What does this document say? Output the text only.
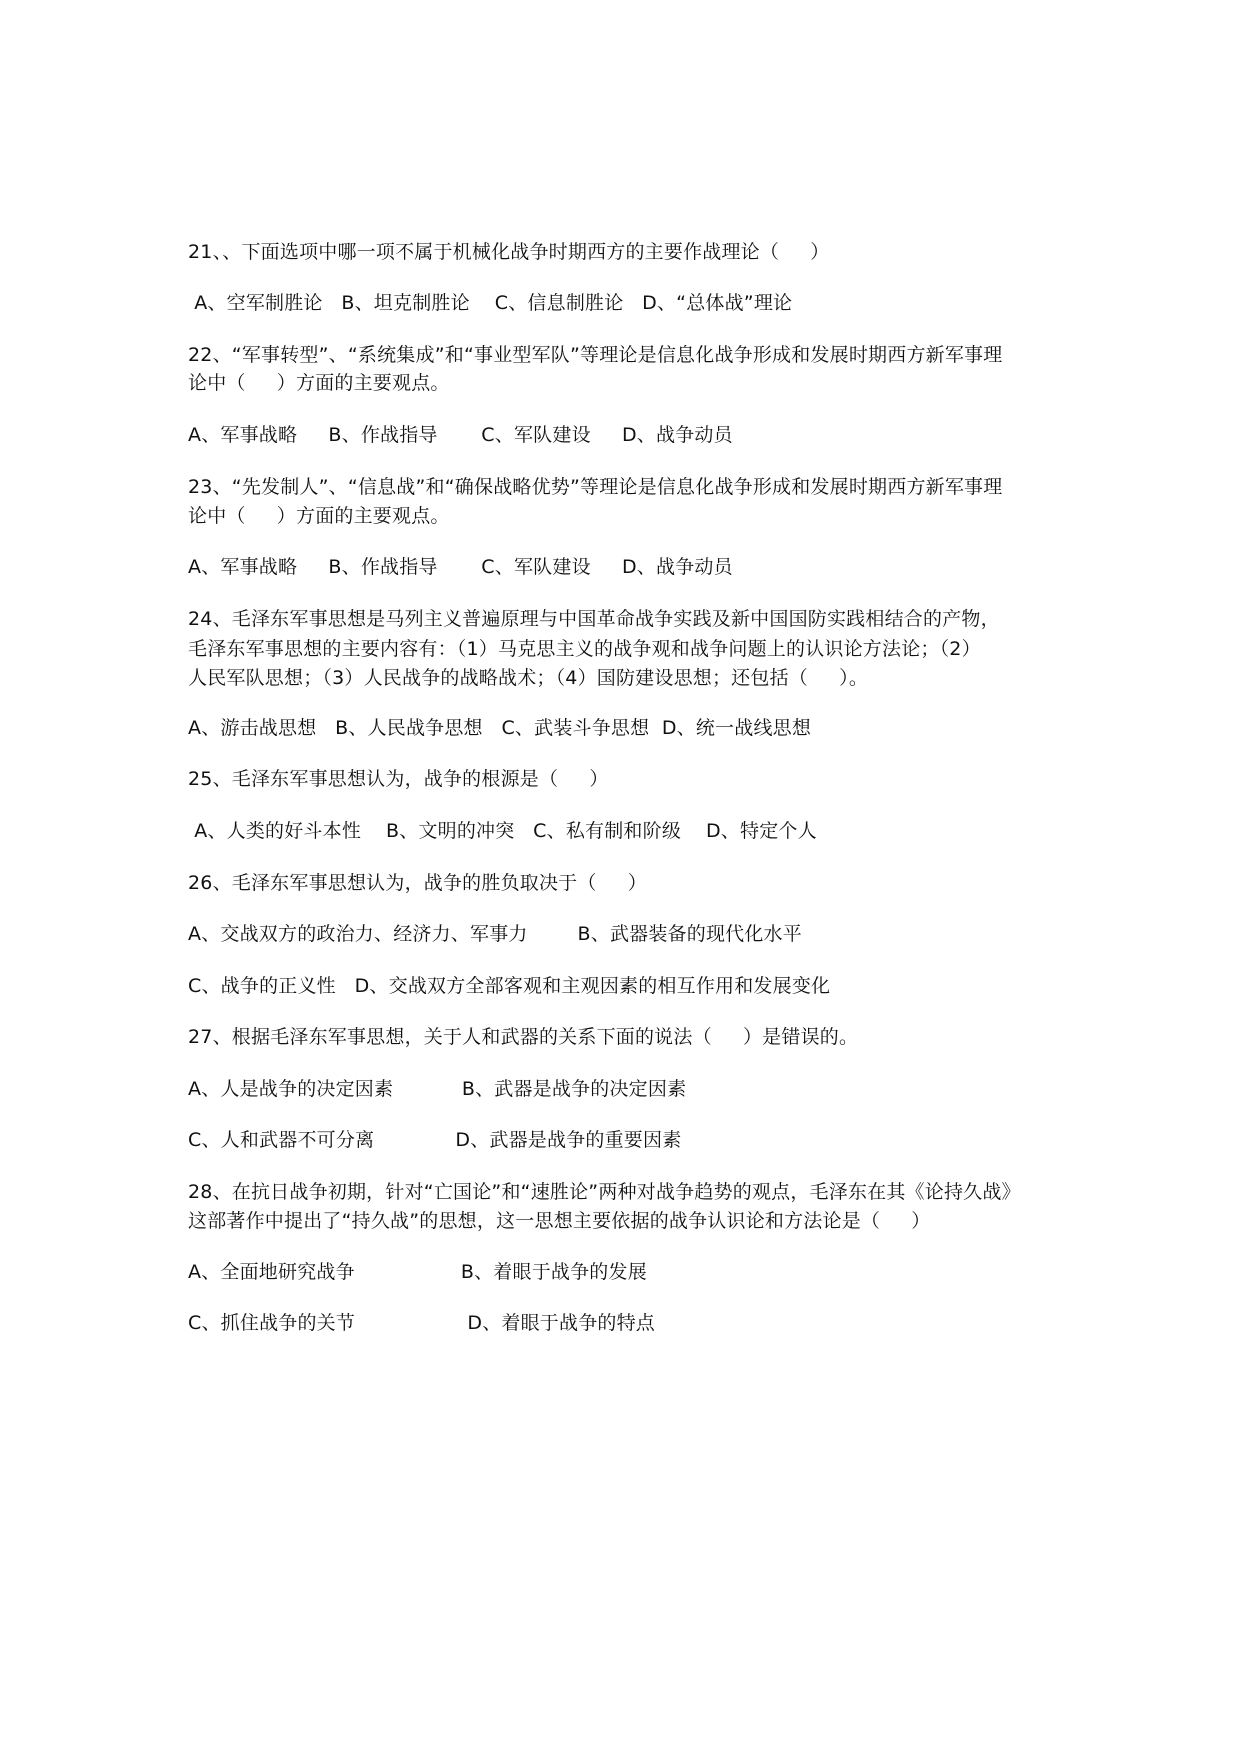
21、、下面选项中哪一项不属于机械化战争时期西方的主要作战理论（     ）

A、空军制胜论   B、坦克制胜论    C、信息制胜论   D、“总体战”理论

22、“军事转型”、“系统集成”和“事业型军队”等理论是信息化战争形成和发展时期西方新军事理

论中（     ）方面的主要观点。

A、军事战略     B、作战指导       C、军队建设     D、战争动员

23、“先发制人”、“信息战”和“确保战略优势”等理论是信息化战争形成和发展时期西方新军事理

论中（     ）方面的主要观点。

A、军事战略     B、作战指导       C、军队建设     D、战争动员

24、毛泽东军事思想是马列主义普遍原理与中国革命战争实践及新中国国防实践相结合的产物，

毛泽东军事思想的主要内容有：（1）马克思主义的战争观和战争问题上的认识论方法论；（2）

人民军队思想；（3）人民战争的战略战术；（4）国防建设思想；还包括（     ）。

A、游击战思想   B、人民战争思想   C、武装斗争思想  D、统一战线思想

25、毛泽东军事思想认为，战争的根源是（     ）

A、人类的好斗本性    B、文明的冲突   C、私有制和阶级    D、特定个人

26、毛泽东军事思想认为，战争的胜负取决于（     ）

A、交战双方的政治力、经济力、军事力        B、武器装备的现代化水平

C、战争的正义性   D、交战双方全部客观和主观因素的相互作用和发展变化

27、根据毛泽东军事思想，关于人和武器的关系下面的说法（     ）是错误的。

A、人是战争的决定因素           B、武器是战争的决定因素

C、人和武器不可分离             D、武器是战争的重要因素

28、在抗日战争初期，针对“亡国论”和“速胜论”两种对战争趋势的观点，毛泽东在其《论持久战》

这部著作中提出了“持久战”的思想，这一思想主要依据的战争认识论和方法论是（     ）

A、全面地研究战争                 B、着眼于战争的发展

C、抓住战争的关节                  D、着眼于战争的特点
